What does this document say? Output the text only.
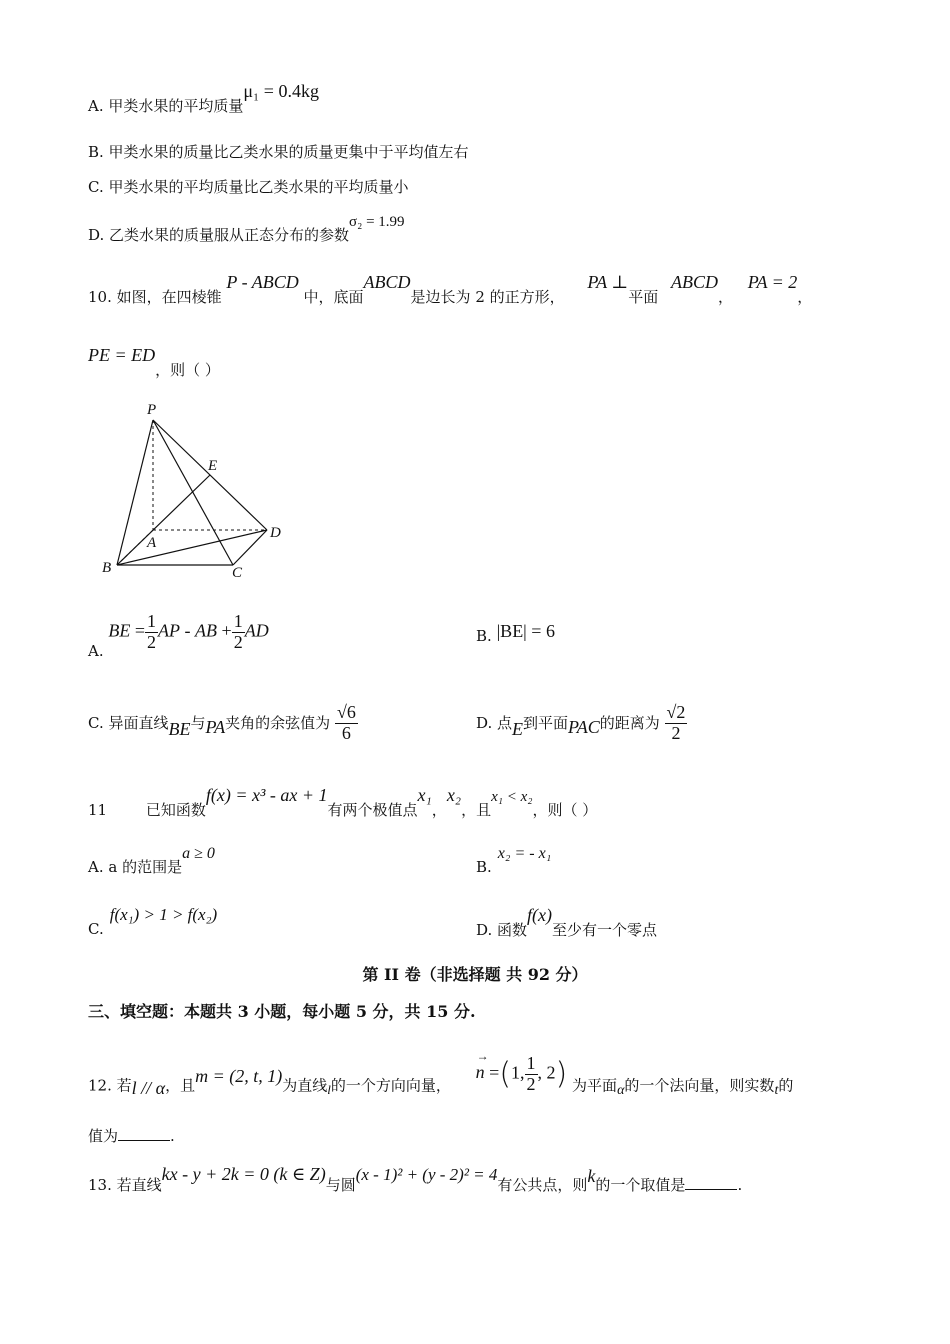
A. 甲类水果的平均质量μ₁ = 0.4kg
B. 甲类水果的质量比乙类水果的质量更集中于平均值左右
C. 甲类水果的平均质量比乙类水果的平均质量小
D. 乙类水果的质量服从正态分布的参数σ₂ = 1.99
10. 如图，在四棱锥 P - ABCD 中，底面ABCD是边长为 2 的正方形， PA ⊥平面 ABCD， PA = 2，
PE = ED，则（ ）
P
E
A
D
B	C
A. BE = $\frac{1}{2}$ AP - AB + $\frac{1}{2}$ AD	B. |BE| = 6
C. 异面直线BE与PA夹角的余弦值为 $\frac{√6}{6}$	D. 点E到平面PAC的距离为 $\frac{√2}{2}$
11	已知函数f(x) = x³ - ax + 1有两个极值点x₁，x₂，且x₁ < x₂，则（ ）
A. a 的范围是a ≥ 0
B.x₂ = - x₁
C.f(x₁) > 1 > f(x₂)
D. 函数f(x)至少有一个零点
第 II 卷（非选择题 共 92 分）
三、填空题：本题共 3 小题，每小题 5 分，共 15 分.
12. 若l // α，且m = (2, t, 1)为直线l的一个方向向量， n
→
=(1, $\frac{1}{2}$ , 2) 为平面α的一个法向量，则实数t的
值为	.
13. 若直线kx - y + 2k = 0 (k ∈ Z)与圆(x - 1)² + (y - 2)² = 4有公共点，则k的一个取值是	.
